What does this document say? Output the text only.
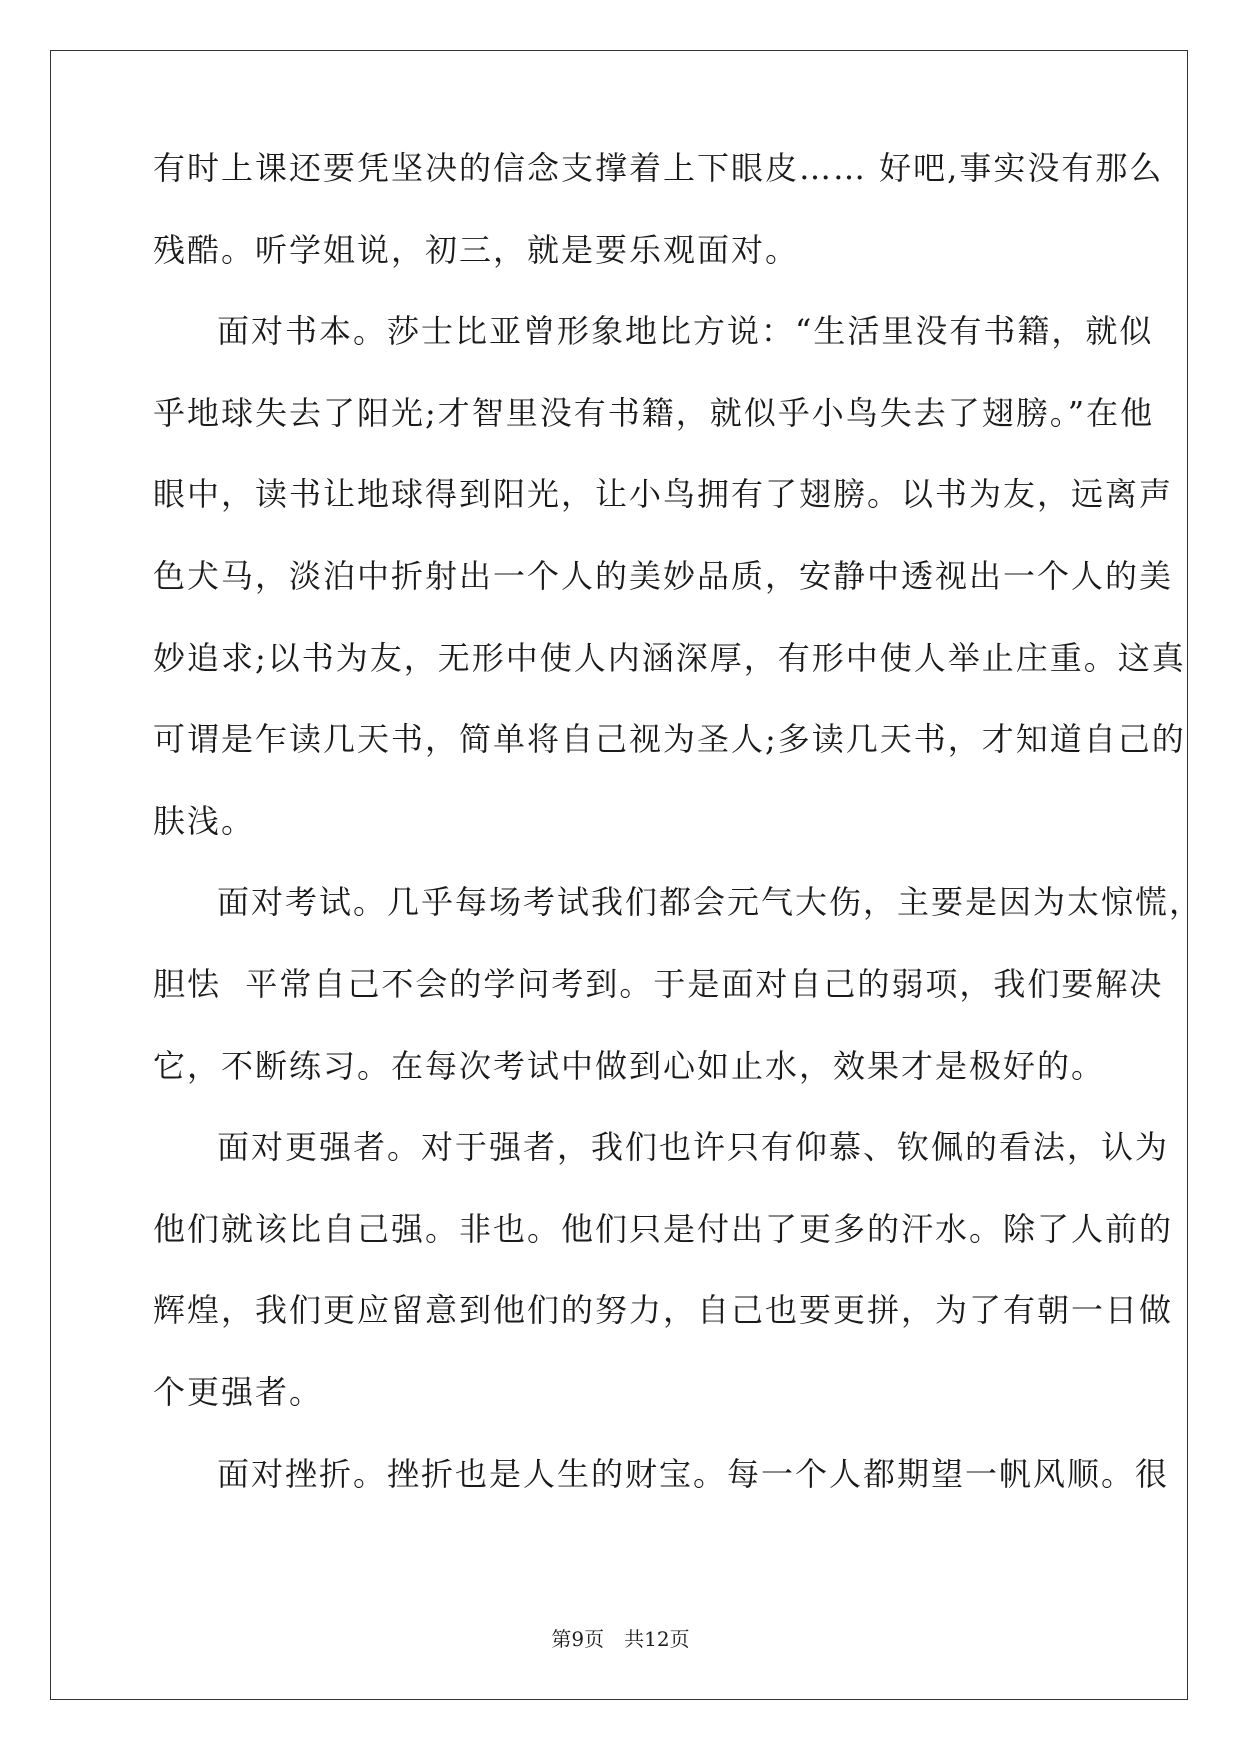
有时上课还要凭坚决的信念支撑着上下眼皮…… 好吧,事实没有那么
残酷。听学姐说，初三，就是要乐观面对。
面对书本。莎士比亚曾形象地比方说：“生活里没有书籍，就似
乎地球失去了阳光;才智里没有书籍，就似乎小鸟失去了翅膀。”在他
眼中，读书让地球得到阳光，让小鸟拥有了翅膀。以书为友，远离声
色犬马，淡泊中折射出一个人的美妙品质，安静中透视出一个人的美
妙追求;以书为友，无形中使人内涵深厚，有形中使人举止庄重。这真
可谓是乍读几天书，简单将自己视为圣人;多读几天书，才知道自己的
肤浅。
面对考试。几乎每场考试我们都会元气大伤，主要是因为太惊慌，
胆怯  平常自己不会的学问考到。于是面对自己的弱项，我们要解决
它，不断练习。在每次考试中做到心如止水，效果才是极好的。
面对更强者。对于强者，我们也许只有仰慕、钦佩的看法，认为
他们就该比自己强。非也。他们只是付出了更多的汗水。除了人前的
辉煌，我们更应留意到他们的努力，自己也要更拼，为了有朝一日做
个更强者。
面对挫折。挫折也是人生的财宝。每一个人都期望一帆风顺。很
第9页 共12页
